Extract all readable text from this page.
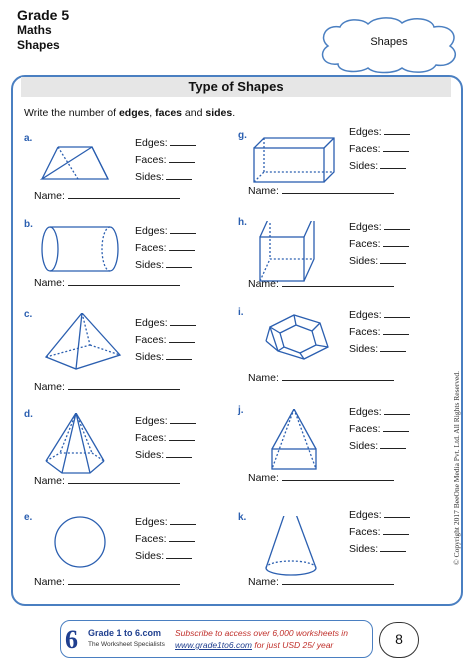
Grade 5
Maths
Shapes	Shapes
Type of Shapes
Write the number of edges, faces and sides.
a.	Edges:
Faces:
Sides:
Name:
b.
Edges:
Faces:
Sides:
Name:
c.
Edges:
Faces:
Sides:
Name:
d.
Edges:
Faces:
Sides:
Name:
e.	Edges:
Faces:
Sides:
Name:
g.	Edges:
Faces:
Sides:
Name:
h.	Edges:
Faces:
Sides:
Name:
i.	Edges:
Faces:
Sides:
Name:
j.	Edges:
Faces:
Sides:
Name:
k.	Edges:
Faces:
Sides:
Name:
© Copyright 2017 BeeOne Media Pvt. Ltd. All Rights Reserved.
6 Grade 1 to 6.com
The Worksheet Specialists
Subscribe to access over 6,000 worksheets in
www.grade1to6.com for just USD 25/ year	8
